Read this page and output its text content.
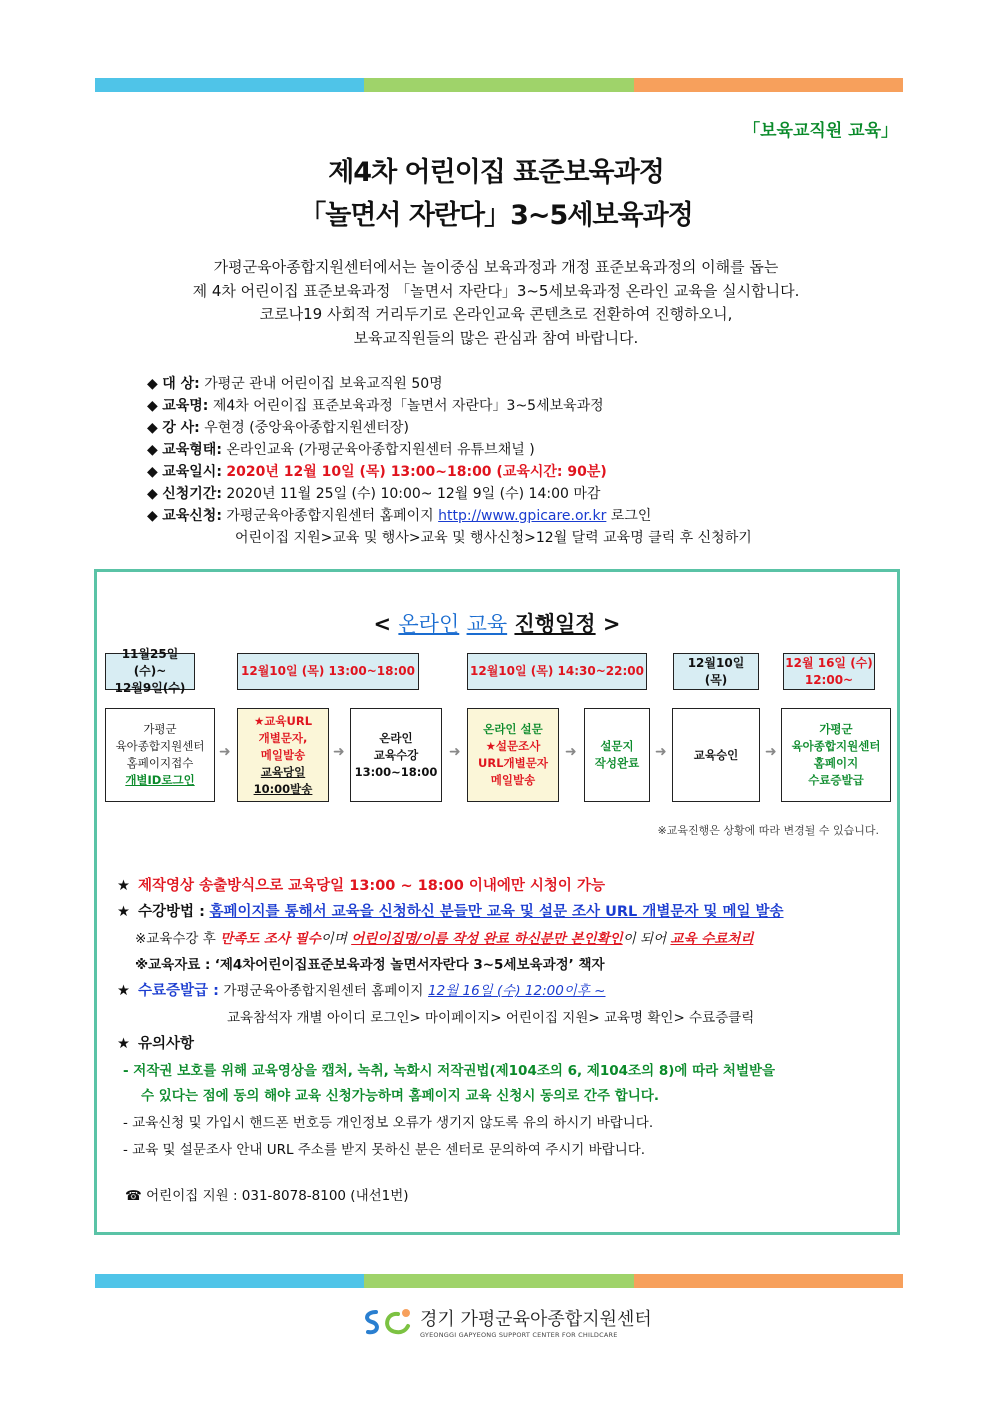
「보육교직원 교육」
제4차 어린이집 표준보육과정
「놀면서 자란다」3~5세보육과정
가평군육아종합지원센터에서는 놀이중심 보육과정과 개정 표준보육과정의 이해를 돕는
제 4차 어린이집 표준보육과정 「놀면서 자란다」3~5세보육과정 온라인 교육을 실시합니다.
코로나19 사회적 거리두기로 온라인교육 콘텐츠로 전환하여 진행하오니,
보육교직원들의 많은 관심과 참여 바랍니다.
◆ 대 상: 가평군 관내 어린이집 보육교직원 50명
◆ 교육명: 제4차 어린이집 표준보육과정「놀면서 자란다」3~5세보육과정
◆ 강 사: 우현경 (중앙육아종합지원센터장)
◆ 교육형태: 온라인교육 (가평군육아종합지원센터 유튜브채널 )
◆ 교육일시: 2020년 12월 10일 (목) 13:00~18:00 (교육시간: 90분)
◆ 신청기간: 2020년 11월 25일 (수) 10:00~ 12월 9일 (수) 14:00 마감
◆ 교육신청: 가평군육아종합지원센터 홈페이지 http://www.gpicare.or.kr 로그인
어린이집 지원>교육 및 행사>교육 및 행사신청>12월 달력 교육명 클릭 후 신청하기
< 온라인 교육 진행일정 >
11월25일(수)~
12월9일(수)
12월10일 (목) 13:00~18:00	12월10일 (목) 14:30~22:00
12월10일
(목)
12월 16일 (수)
12:00~
가평군
육아종합지원센터
홈페이지접수
개별ID로그인
➜
★교육URL
개별문자,
메일발송
교육당일
10:00발송
➜
온라인
교육수강
13:00~18:00
➜
온라인 설문
★설문조사
URL개별문자
메일발송
➜ 설문지
작성완료
➜ 교육승인 ➜
가평군
육아종합지원센터
홈페이지
수료증발급
※교육진행은 상황에 따라 변경될 수 있습니다.
★ 제작영상 송출방식으로 교육당일 13:00 ~ 18:00 이내에만 시청이 가능
★ 수강방법 : 홈페이지를 통해서 교육을 신청하신 분들만 교육 및 설문 조사 URL 개별문자 및 메일 발송
※교육수강 후 만족도 조사 필수이며 어린이집명/이름 작성 완료 하신분만 본인확인이 되어 교육 수료처리
※교육자료 : ‘제4차어린이집표준보육과정 놀면서자란다 3~5세보육과정’ 책자
★ 수료증발급 : 가평군육아종합지원센터 홈페이지 12월 16일 (수) 12:00이후 ~
교육참석자 개별 아이디 로그인> 마이페이지> 어린이집 지원> 교육명 확인> 수료증클릭
★ 유의사항
- 저작권 보호를 위해 교육영상을 캡처, 녹취, 녹화시 저작권법(제104조의 6, 제104조의 8)에 따라 처벌받을
수 있다는 점에 동의 해야 교육 신청가능하며 홈페이지 교육 신청시 동의로 간주 합니다.
- 교육신청 및 가입시 핸드폰 번호등 개인정보 오류가 생기지 않도록 유의 하시기 바랍니다.
- 교육 및 설문조사 안내 URL 주소를 받지 못하신 분은 센터로 문의하여 주시기 바랍니다.
☎ 어린이집 지원 : 031-8078-8100 (내선1번)
경기 가평군육아종합지원센터
GYEONGGI GAPYEONG SUPPORT CENTER FOR CHILDCARE
